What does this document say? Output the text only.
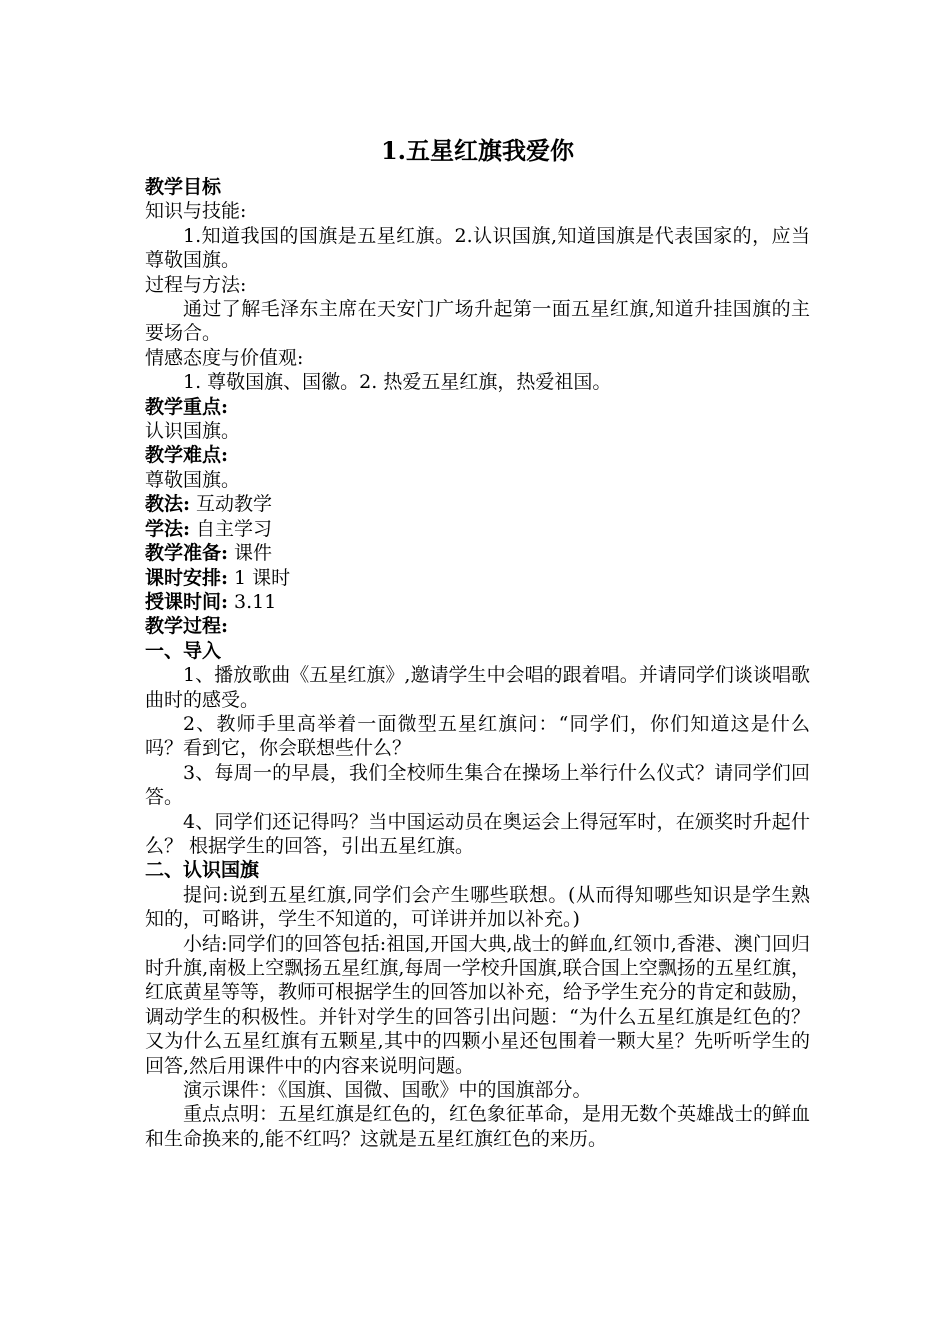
1.五星红旗我爱你
教学目标
知识与技能:
1.知道我国的国旗是五星红旗。2.认识国旗,知道国旗是代表国家的，应当尊敬国旗。
过程与方法:
通过了解毛泽东主席在天安门广场升起第一面五星红旗,知道升挂国旗的主要场合。
情感态度与价值观:
1. 尊敬国旗、国徽。2. 热爱五星红旗，热爱祖国。
教学重点:
认识国旗。
教学难点:
尊敬国旗。
教法: 互动教学
学法: 自主学习
教学准备: 课件
课时安排: 1 课时
授课时间: 3.11
教学过程:
一、导入
1、播放歌曲《五星红旗》,邀请学生中会唱的跟着唱。并请同学们谈谈唱歌曲时的感受。
2、教师手里高举着一面微型五星红旗问：“同学们，你们知道这是什么吗？看到它，你会联想些什么？
3、每周一的早晨，我们全校师生集合在操场上举行什么仪式？请同学们回答。
4、同学们还记得吗？当中国运动员在奥运会上得冠军时，在颁奖时升起什么？ 根据学生的回答，引出五星红旗。
二、认识国旗
提问:说到五星红旗,同学们会产生哪些联想。(从而得知哪些知识是学生熟知的，可略讲，学生不知道的，可详讲并加以补充。)
小结:同学们的回答包括:祖国,开国大典,战士的鲜血,红领巾,香港、澳门回归时升旗,南极上空飘扬五星红旗,每周一学校升国旗,联合国上空飘扬的五星红旗，红底黄星等等，教师可根据学生的回答加以补充，给予学生充分的肯定和鼓励，调动学生的积极性。并针对学生的回答引出问题：“为什么五星红旗是红色的？又为什么五星红旗有五颗星,其中的四颗小星还包围着一颗大星？先听听学生的回答,然后用课件中的内容来说明问题。
演示课件：《国旗、国微、国歌》中的国旗部分。
重点点明：五星红旗是红色的，红色象征革命，是用无数个英雄战士的鲜血和生命换来的,能不红吗？这就是五星红旗红色的来历。
